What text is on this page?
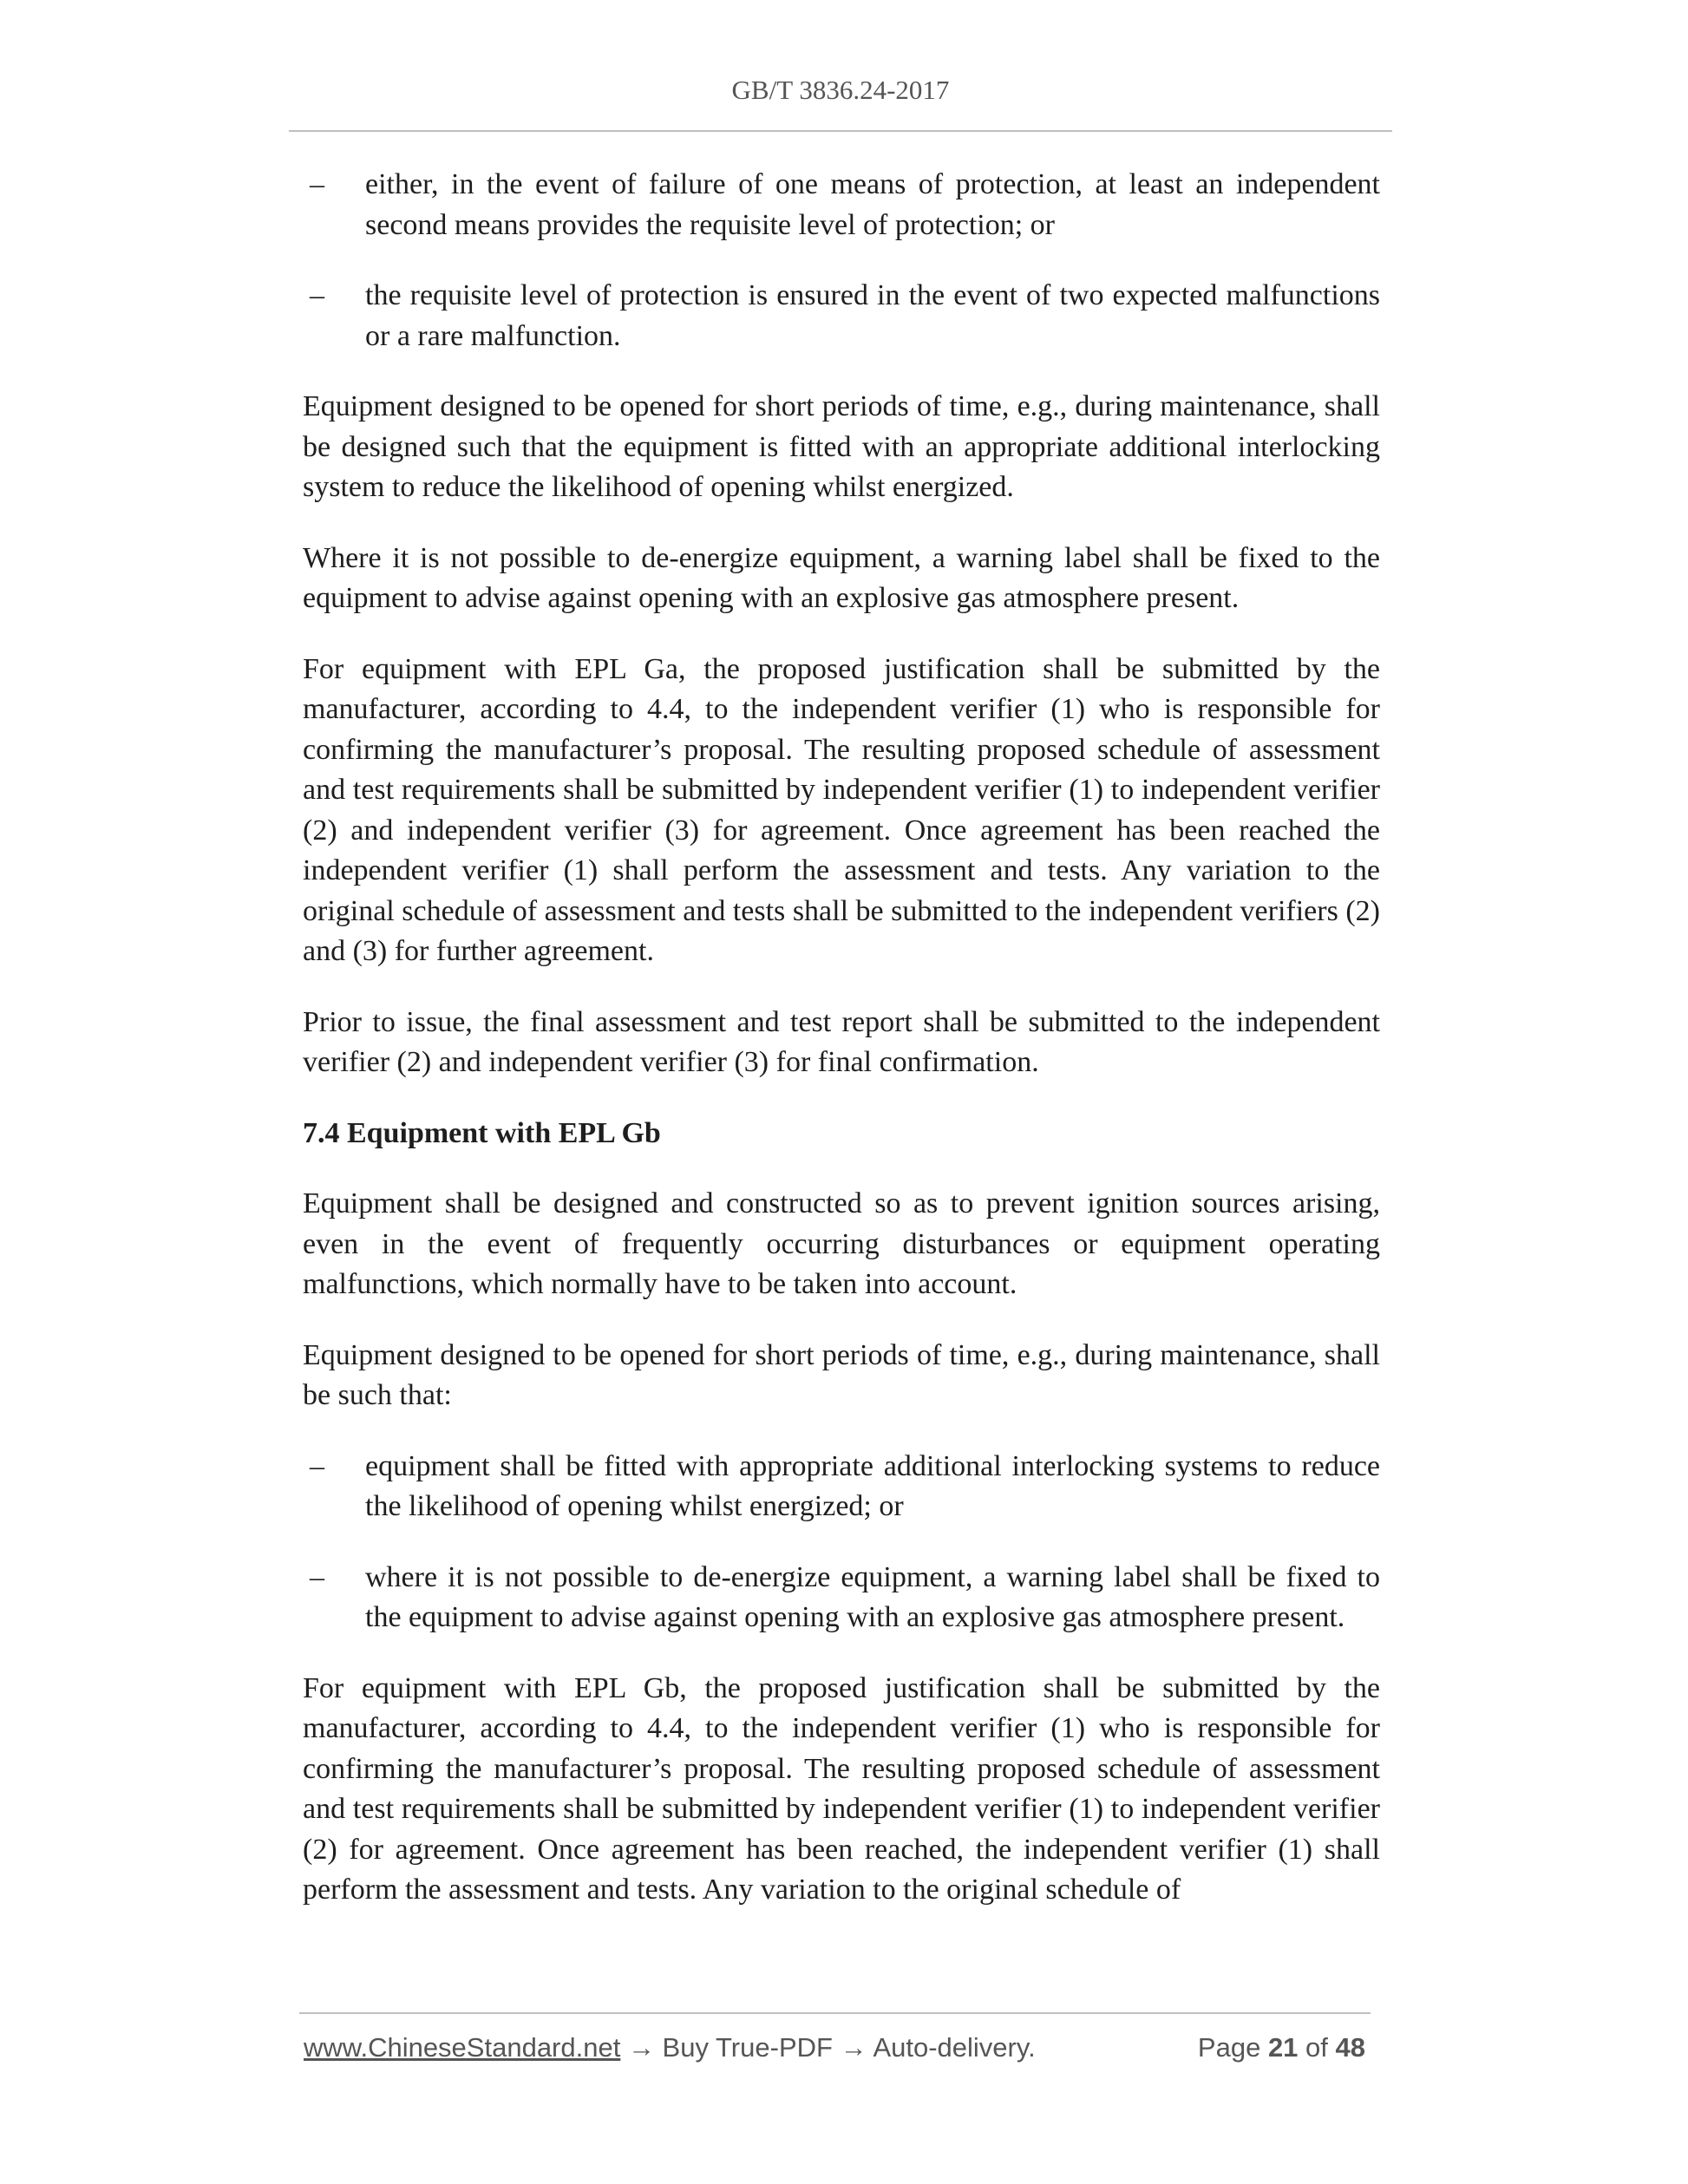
GB/T 3836.24-2017
– either, in the event of failure of one means of protection, at least an independent second means provides the requisite level of protection; or
– the requisite level of protection is ensured in the event of two expected malfunctions or a rare malfunction.

Equipment designed to be opened for short periods of time, e.g., during maintenance, shall be designed such that the equipment is fitted with an appropriate additional interlocking system to reduce the likelihood of opening whilst energized.

Where it is not possible to de-energize equipment, a warning label shall be fixed to the equipment to advise against opening with an explosive gas atmosphere present.

For equipment with EPL Ga, the proposed justification shall be submitted by the manufacturer, according to 4.4, to the independent verifier (1) who is responsible for confirming the manufacturer’s proposal. The resulting proposed schedule of assessment and test requirements shall be submitted by independent verifier (1) to independent verifier (2) and independent verifier (3) for agreement. Once agreement has been reached the independent verifier (1) shall perform the assessment and tests. Any variation to the original schedule of assessment and tests shall be submitted to the independent verifiers (2) and (3) for further agreement.

Prior to issue, the final assessment and test report shall be submitted to the independent verifier (2) and independent verifier (3) for final confirmation.

7.4 Equipment with EPL Gb

Equipment shall be designed and constructed so as to prevent ignition sources arising, even in the event of frequently occurring disturbances or equipment operating malfunctions, which normally have to be taken into account.

Equipment designed to be opened for short periods of time, e.g., during maintenance, shall be such that:

– equipment shall be fitted with appropriate additional interlocking systems to reduce the likelihood of opening whilst energized; or
– where it is not possible to de-energize equipment, a warning label shall be fixed to the equipment to advise against opening with an explosive gas atmosphere present.

For equipment with EPL Gb, the proposed justification shall be submitted by the manufacturer, according to 4.4, to the independent verifier (1) who is responsible for confirming the manufacturer’s proposal. The resulting proposed schedule of assessment and test requirements shall be submitted by independent verifier (1) to independent verifier (2) for agreement. Once agreement has been reached, the independent verifier (1) shall perform the assessment and tests. Any variation to the original schedule of

www.ChineseStandard.net → Buy True-PDF → Auto-delivery.	Page 21 of 48
